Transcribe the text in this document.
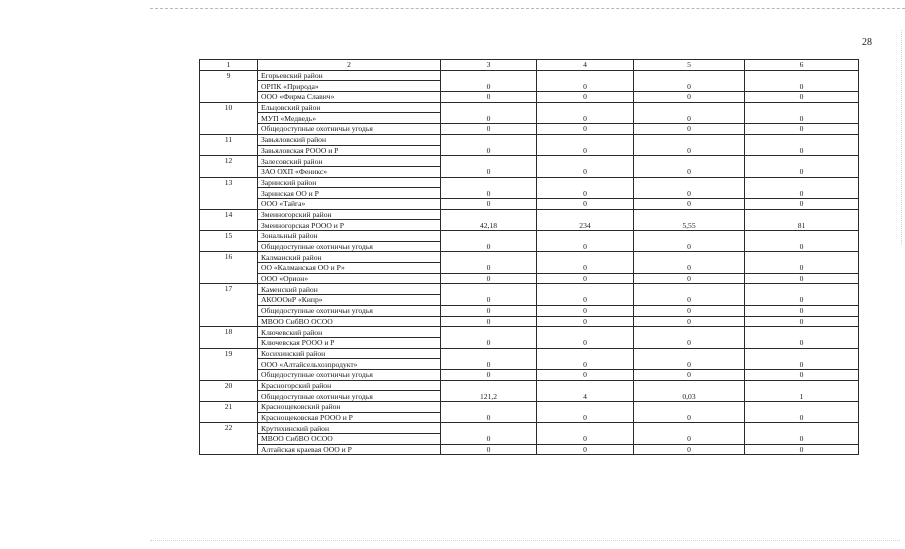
28
1	2	3	4	5	6
9	Егорьевский район				
	ОРПК «Природа»	0	0	0	0
	ООО «Фирма Славич»	0	0	0	0
10	Ельцовский район				
	МУП «Медведь»	0	0	0	0
	Общедоступные охотничьи угодья	0	0	0	0
11	Завьяловский район				
	Завьяловская РООО и Р	0	0	0	0
12	Залесовский район				
	ЗАО ОХП «Феникс»	0	0	0	0
13	Заринский район				
	Заринская ОО и Р	0	0	0	0
	ООО «Тайга»	0	0	0	0
14	Змеиногорский район				
	Змеиногорская РООО и Р	42,18	234	5,55	81
15	Зональный район				
	Общедоступные охотничьи угодья	0	0	0	0
16	Калманский район				
	ОО «Калманская ОО и Р»	0	0	0	0
	ООО «Орион»	0	0	0	0
17	Каменский район				
	АКОООиР «Кипр»	0	0	0	0
	Общедоступные охотничьи угодья	0	0	0	0
	МВОО СибВО ОСОО	0	0	0	0
18	Ключевский район				
	Ключевская РООО и Р	0	0	0	0
19	Косихинский район				
	ООО «Алтайсельхозпродукт»	0	0	0	0
	Общедоступные охотничьи угодья	0	0	0	0
20	Красногорский район				
	Общедоступные охотничьи угодья	121,2	4	0,03	1
21	Краснощековский район				
	Краснощековская РООО и Р	0	0	0	0
22	Крутихинский район				
	МВОО СибВО ОСОО	0	0	0	0
	Алтайская краевая ООО и Р	0	0	0	0
